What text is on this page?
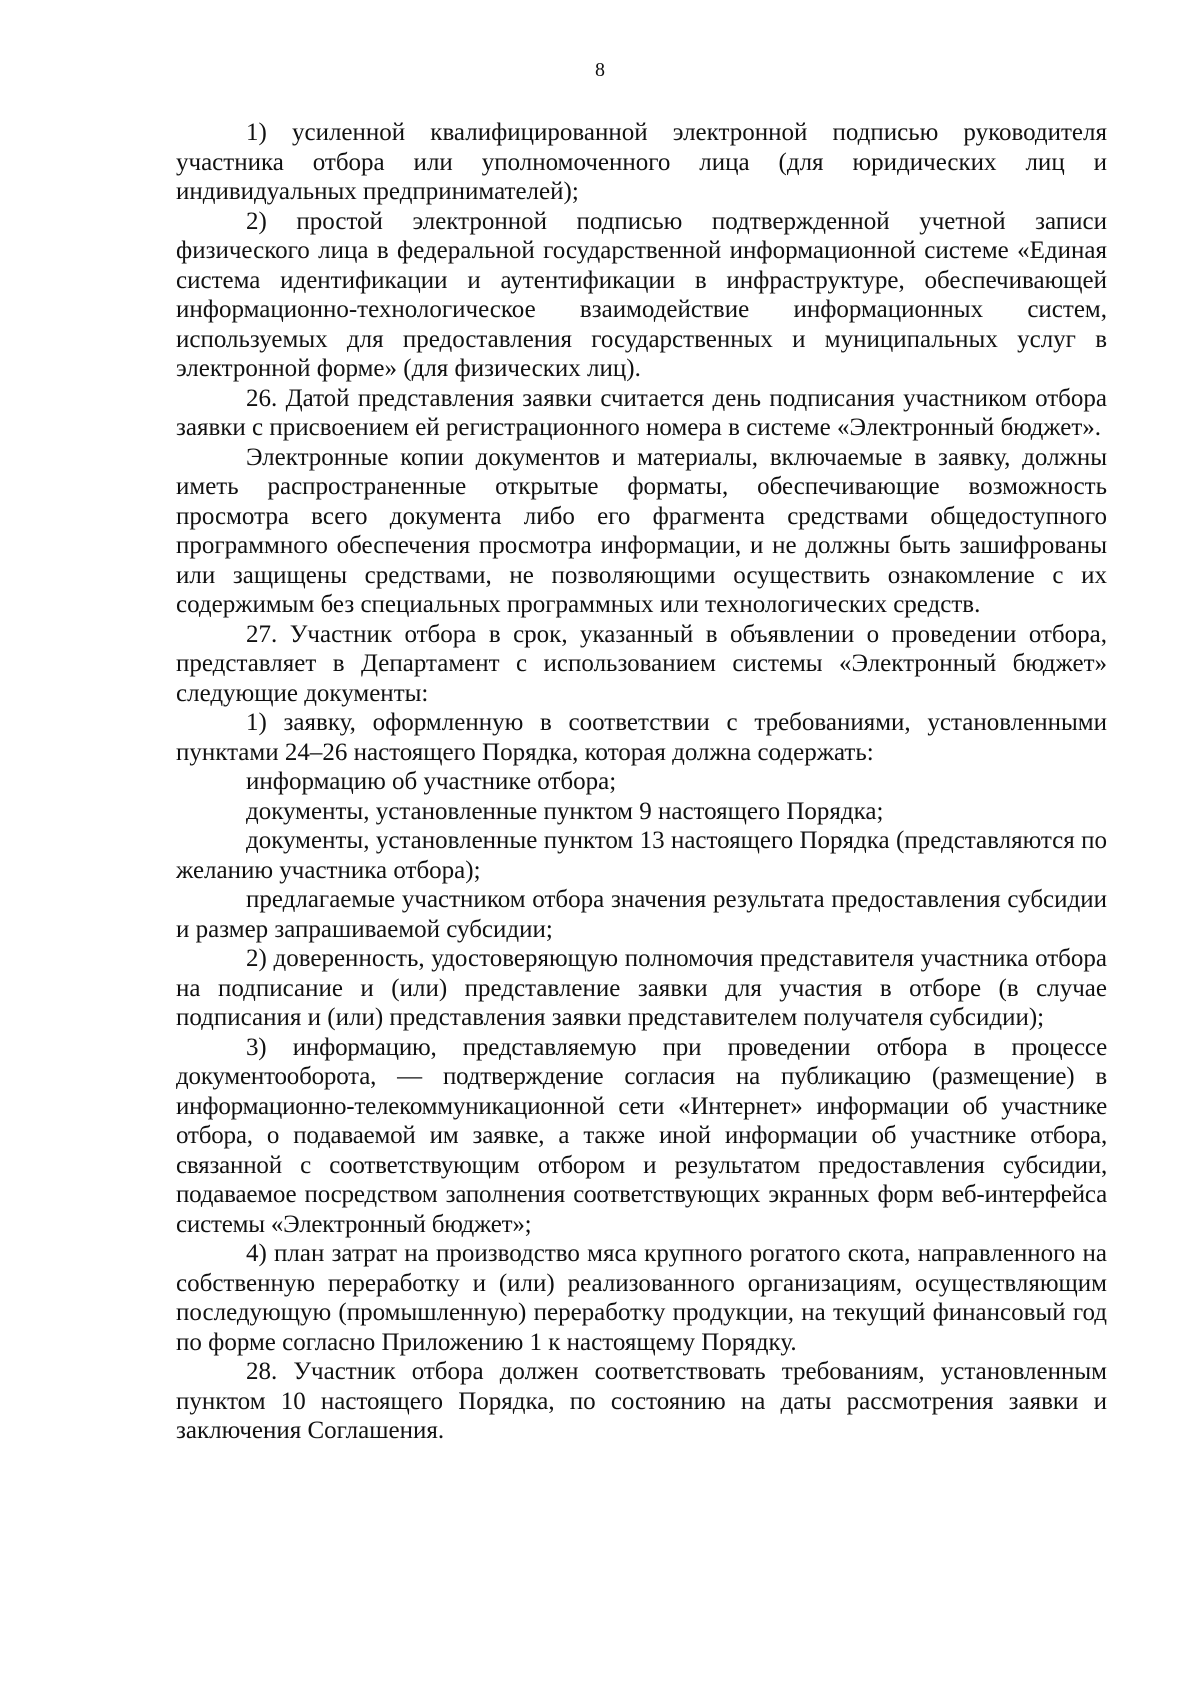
8

1) усиленной квалифицированной электронной подписью руководителя участника отбора или уполномоченного лица (для юридических лиц и индивидуальных предпринимателей);

2) простой электронной подписью подтвержденной учетной записи физического лица в федеральной государственной информационной системе «Единая система идентификации и аутентификации в инфраструктуре, обеспечивающей информационно-технологическое взаимодействие информационных систем, используемых для предоставления государственных и муниципальных услуг в электронной форме» (для физических лиц).

26. Датой представления заявки считается день подписания участником отбора заявки с присвоением ей регистрационного номера в системе «Электронный бюджет».

Электронные копии документов и материалы, включаемые в заявку, должны иметь распространенные открытые форматы, обеспечивающие возможность просмотра всего документа либо его фрагмента средствами общедоступного программного обеспечения просмотра информации, и не должны быть зашифрованы или защищены средствами, не позволяющими осуществить ознакомление с их содержимым без специальных программных или технологических средств.

27. Участник отбора в срок, указанный в объявлении о проведении отбора, представляет в Департамент с использованием системы «Электронный бюджет» следующие документы:

1) заявку, оформленную в соответствии с требованиями, установленными пунктами 24–26 настоящего Порядка, которая должна содержать:

информацию об участнике отбора;

документы, установленные пунктом 9 настоящего Порядка;

документы, установленные пунктом 13 настоящего Порядка (представляются по желанию участника отбора);

предлагаемые участником отбора значения результата предоставления субсидии и размер запрашиваемой субсидии;

2) доверенность, удостоверяющую полномочия представителя участника отбора на подписание и (или) представление заявки для участия в отборе (в случае подписания и (или) представления заявки представителем получателя субсидии);

3) информацию, представляемую при проведении отбора в процессе документооборота, — подтверждение согласия на публикацию (размещение) в информационно-телекоммуникационной сети «Интернет» информации об участнике отбора, о подаваемой им заявке, а также иной информации об участнике отбора, связанной с соответствующим отбором и результатом предоставления субсидии, подаваемое посредством заполнения соответствующих экранных форм веб-интерфейса системы «Электронный бюджет»;

4) план затрат на производство мяса крупного рогатого скота, направленного на собственную переработку и (или) реализованного организациям, осуществляющим последующую (промышленную) переработку продукции, на текущий финансовый год по форме согласно Приложению 1 к настоящему Порядку.

28. Участник отбора должен соответствовать требованиям, установленным пунктом 10 настоящего Порядка, по состоянию на даты рассмотрения заявки и заключения Соглашения.
